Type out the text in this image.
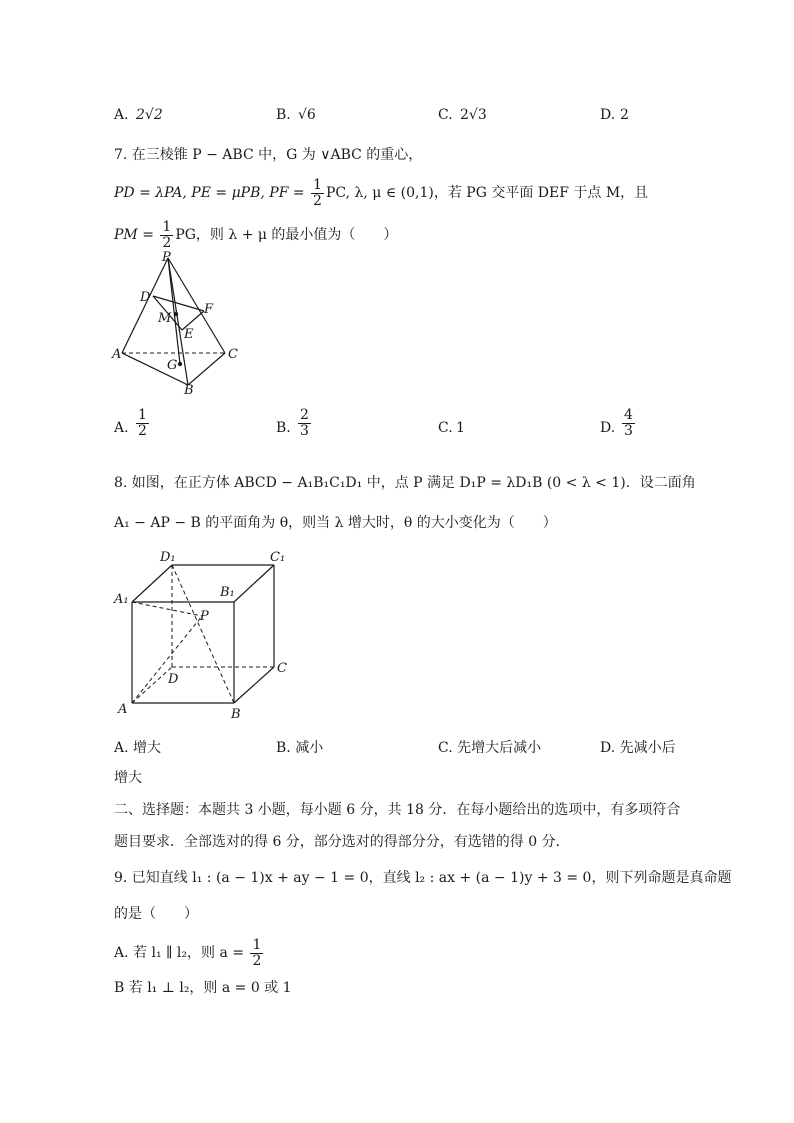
A. 2√2	B. √6	C. 2√3	D. 2
7. 在三棱锥 P − ABC 中，G 为 ∨ABC 的重心，
PD = λPA, PE = μPB, PF = $\frac{1}{2}$ PC, λ, μ ∈ (0,1)，若 PG 交平面 DEF 于点 M，且
PM = $\frac{1}{2}$ PG，则 λ + μ 的最小值为（　　）
P
D
F
M
E
A	C
G
B
A. $\frac{1}{2}$	B. $\frac{2}{3}$	C. 1	D. $\frac{4}{3}$
8. 如图，在正方体 ABCD − A₁B₁C₁D₁ 中，点 P 满足 D₁P = λD₁B (0 < λ < 1)．设二面角
A₁ − AP − B 的平面角为 θ，则当 λ 增大时，θ 的大小变化为（　　）
D₁	C₁
A₁	B₁
P
D
C
A	B
A. 增大	B. 减小	C. 先增大后减小	D. 先减小后
增大
二、选择题：本题共 3 小题，每小题 6 分，共 18 分．在每小题给出的选项中，有多项符合
题目要求．全部选对的得 6 分，部分选对的得部分分，有选错的得 0 分．
9. 已知直线 l₁ : (a − 1)x + ay − 1 = 0，直线 l₂ : ax + (a − 1)y + 3 = 0，则下列命题是真命题
的是（　　）
A. 若 l₁ ∥ l₂，则 $a = \frac{1}{2}$
B 若 l₁ ⊥ l₂，则 a = 0 或 1
